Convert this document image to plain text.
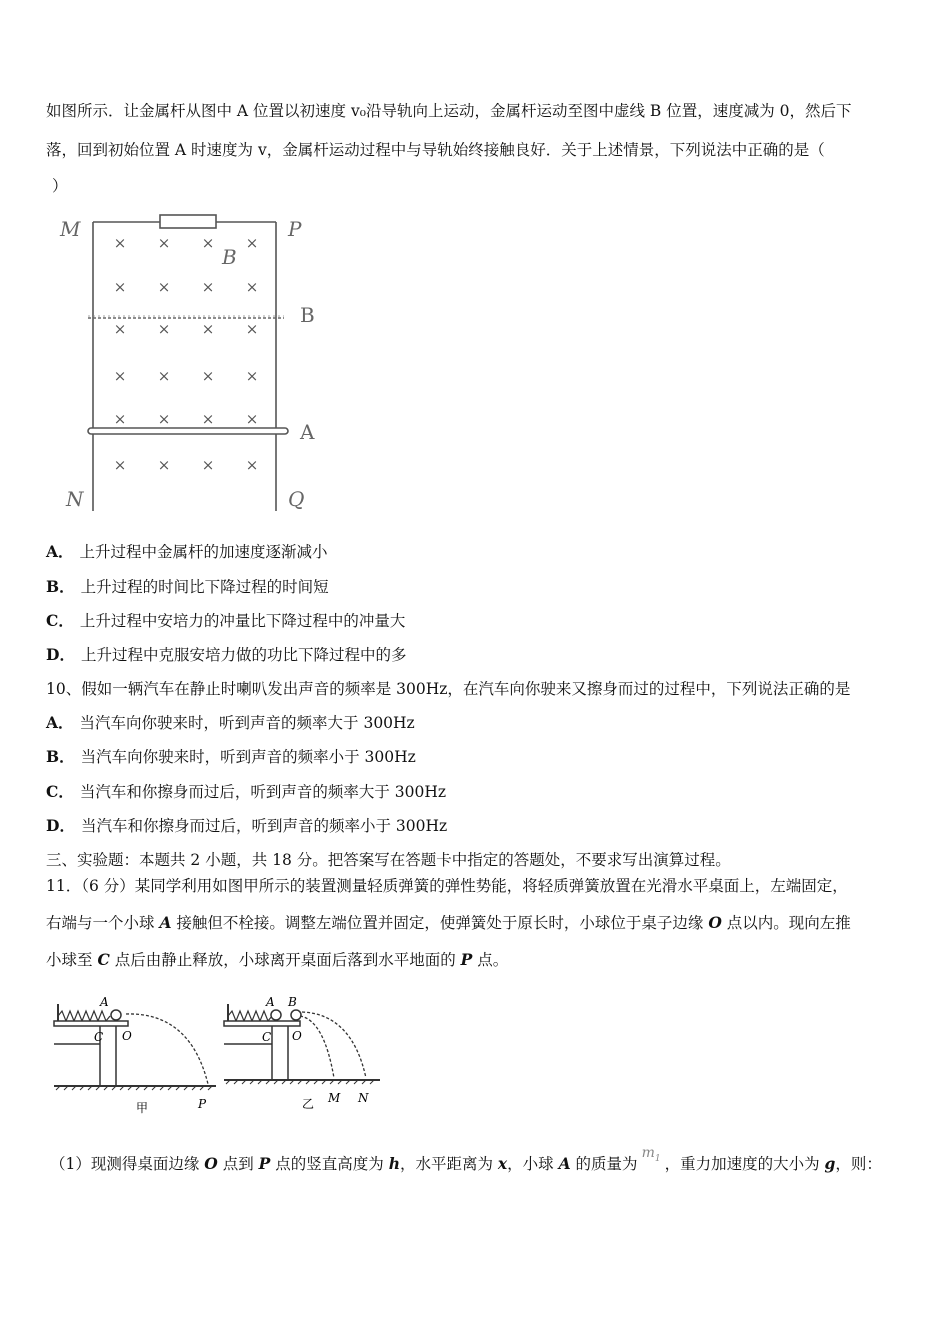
如图所示．让金属杆从图中 A 位置以初速度 v₀沿导轨向上运动，金属杆运动至图中虚线 B 位置，速度减为 0，然后下
落，回到初始位置 A 时速度为 v，金属杆运动过程中与导轨始终接触良好．关于上述情景，下列说法中正确的是（
）
M	P
B
B
A
N	Q
× × × ×
× × × ×
× × × ×
× × × ×
× × × ×
× × × ×
A． 上升过程中金属杆的加速度逐渐减小
B． 上升过程的时间比下降过程的时间短
C． 上升过程中安培力的冲量比下降过程中的冲量大
D． 上升过程中克服安培力做的功比下降过程中的多
10、假如一辆汽车在静止时喇叭发出声音的频率是 300Hz，在汽车向你驶来又擦身而过的过程中，下列说法正确的是
A． 当汽车向你驶来时，听到声音的频率大于 300Hz
B． 当汽车向你驶来时，听到声音的频率小于 300Hz
C． 当汽车和你擦身而过后，听到声音的频率大于 300Hz
D． 当汽车和你擦身而过后，听到声音的频率小于 300Hz
三、实验题：本题共 2 小题，共 18 分。把答案写在答题卡中指定的答题处，不要求写出演算过程。
11．（6 分）某同学利用如图甲所示的装置测量轻质弹簧的弹性势能，将轻质弹簧放置在光滑水平桌面上，左端固定，
右端与一个小球 A 接触但不栓接。调整左端位置并固定，使弹簧处于原长时，小球位于桌子边缘 O 点以内。现向左推
小球至 C 点后由静止释放，小球离开桌面后落到水平地面的 P 点。
A
C O
P
甲
A B
C O
M N
乙
（1）现测得桌面边缘 O 点到 P 点的竖直高度为 h，水平距离为 x，小球 A 的质量为$m_1$ ，重力加速度的大小为 g，则：
